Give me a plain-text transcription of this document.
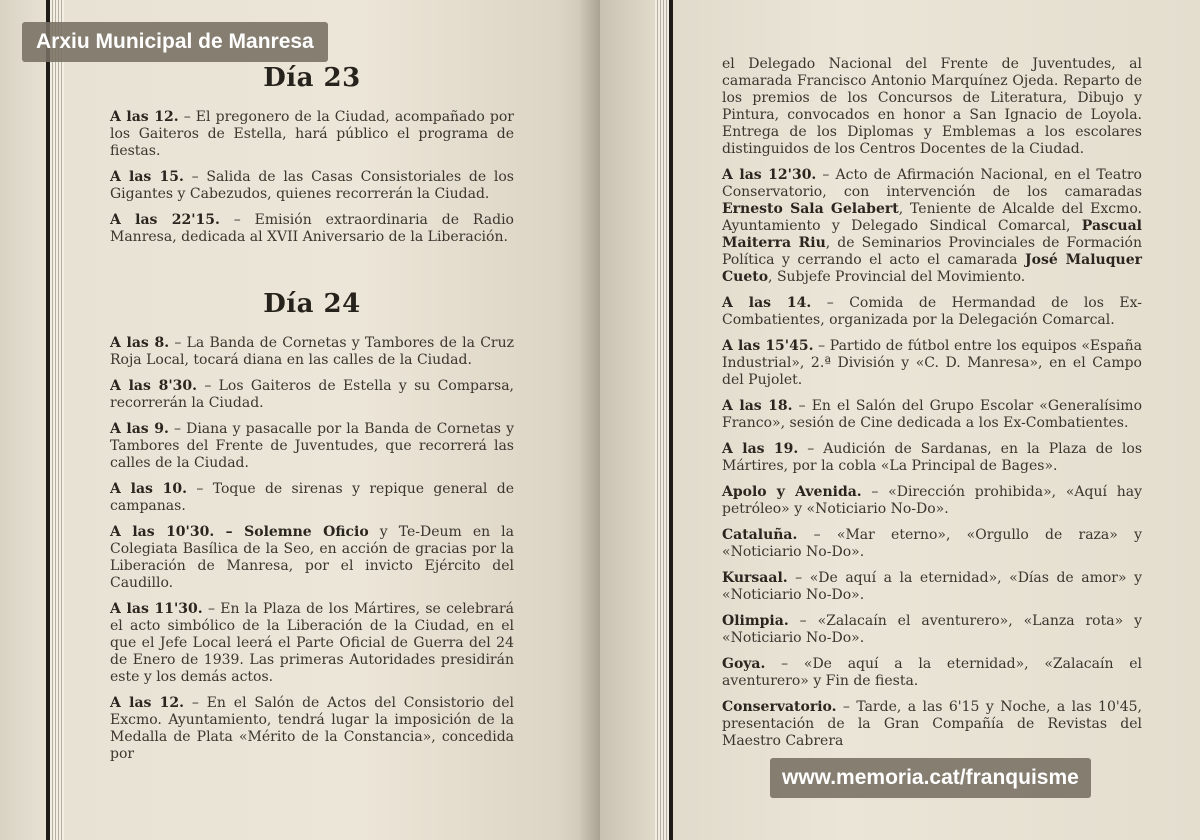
Día 23

A las 12. – El pregonero de la Ciudad, acompañado por los Gaiteros de Estella, hará público el programa de fiestas.

A las 15. – Salida de las Casas Consistoriales de los Gigantes y Cabezudos, quienes recorrerán la Ciudad.

A las 22'15. – Emisión extraordinaria de Radio Manresa, dedicada al XVII Aniversario de la Liberación.

Día 24

A las 8. – La Banda de Cornetas y Tambores de la Cruz Roja Local, tocará diana en las calles de la Ciudad.

A las 8'30. – Los Gaiteros de Estella y su Comparsa, recorrerán la Ciudad.

A las 9. – Diana y pasacalle por la Banda de Cornetas y Tambores del Frente de Juventudes, que recorrerá las calles de la Ciudad.

A las 10. – Toque de sirenas y repique general de campanas.

A las 10'30. – Solemne Oficio y Te-Deum en la Colegiata Basílica de la Seo, en acción de gracias por la Liberación de Manresa, por el invicto Ejército del Caudillo.

A las 11'30. – En la Plaza de los Mártires, se celebrará el acto simbólico de la Liberación de la Ciudad, en el que el Jefe Local leerá el Parte Oficial de Guerra del 24 de Enero de 1939. Las primeras Autoridades presidirán este y los demás actos.

A las 12. – En el Salón de Actos del Consistorio del Excmo. Ayuntamiento, tendrá lugar la imposición de la Medalla de Plata «Mérito de la Constancia», concedida por

el Delegado Nacional del Frente de Juventudes, al camarada Francisco Antonio Marquínez Ojeda. Reparto de los premios de los Concursos de Literatura, Dibujo y Pintura, convocados en honor a San Ignacio de Loyola. Entrega de los Diplomas y Emblemas a los escolares distinguidos de los Centros Docentes de la Ciudad.

A las 12'30. – Acto de Afirmación Nacional, en el Teatro Conservatorio, con intervención de los camaradas Ernesto Sala Gelabert, Teniente de Alcalde del Excmo. Ayuntamiento y Delegado Sindical Comarcal, Pascual Maiterra Riu, de Seminarios Provinciales de Formación Política y cerrando el acto el camarada José Maluquer Cueto, Subjefe Provincial del Movimiento.

A las 14. – Comida de Hermandad de los Ex-Combatientes, organizada por la Delegación Comarcal.

A las 15'45. – Partido de fútbol entre los equipos «España Industrial», 2.ª División y «C. D. Manresa», en el Campo del Pujolet.

A las 18. – En el Salón del Grupo Escolar «Generalísimo Franco», sesión de Cine dedicada a los Ex-Combatientes.

A las 19. – Audición de Sardanas, en la Plaza de los Mártires, por la cobla «La Principal de Bages».

Apolo y Avenida. – «Dirección prohibida», «Aquí hay petróleo» y «Noticiario No-Do».

Cataluña. – «Mar eterno», «Orgullo de raza» y «Noticiario No-Do».

Kursaal. – «De aquí a la eternidad», «Días de amor» y «Noticiario No-Do».

Olimpia. – «Zalacaín el aventurero», «Lanza rota» y «Noticiario No-Do».

Goya. – «De aquí a la eternidad», «Zalacaín el aventurero» y Fin de fiesta.

Conservatorio. – Tarde, a las 6'15 y Noche, a las 10'45, presentación de la Gran Compañía de Revistas del Maestro Cabrera

Arxiu Municipal de Manresa
www.memoria.cat/franquisme
